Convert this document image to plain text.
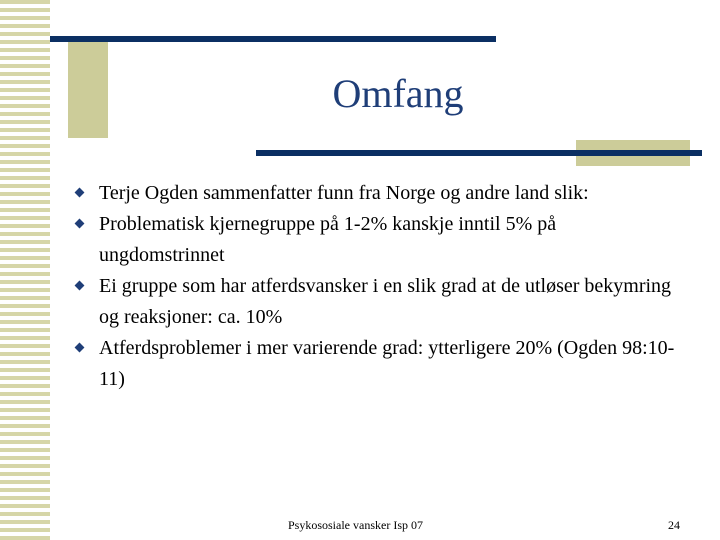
Omfang
Terje Ogden sammenfatter funn fra Norge og andre land slik:
Problematisk kjernegruppe på 1-2% kanskje inntil 5% på ungdomstrinnet
Ei gruppe som har atferdsvansker i en slik grad at de utløser bekymring og reaksjoner: ca. 10%
Atferdsproblemer i mer varierende grad: ytterligere 20% (Ogden 98:10-11)
Psykososiale vansker Isp 07	24
